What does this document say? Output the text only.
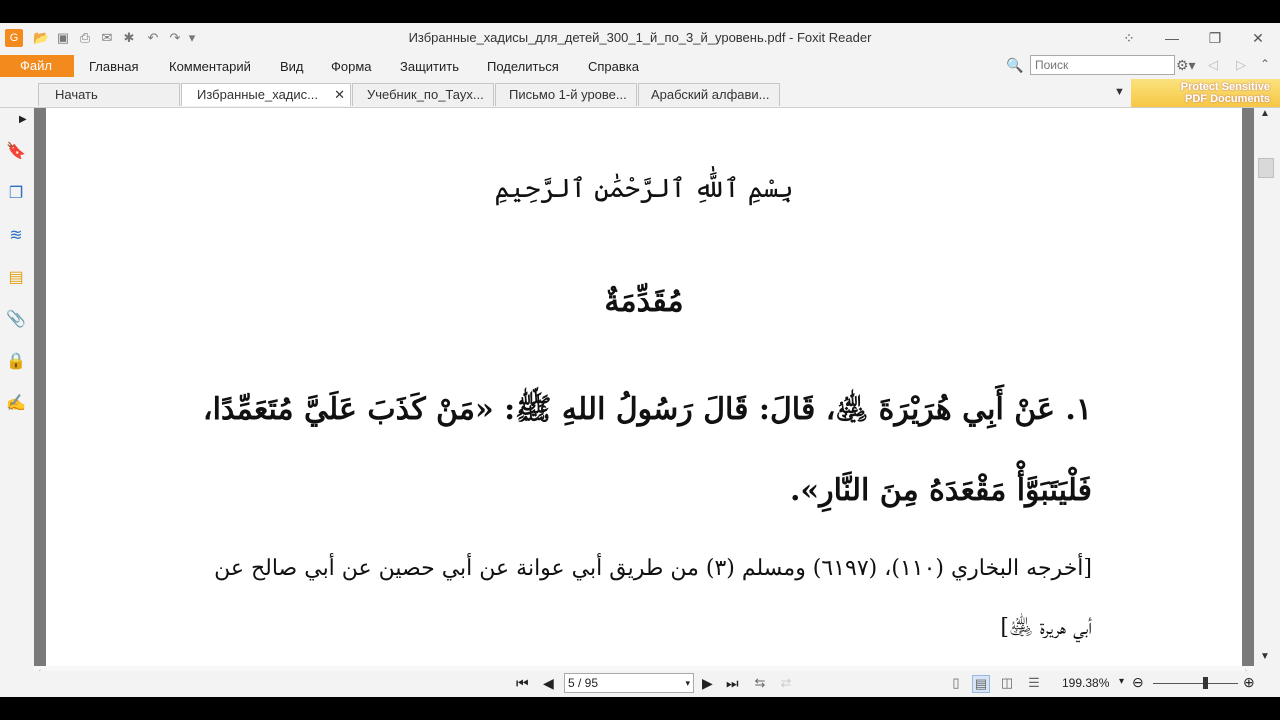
G	📂 ▣ ⎙ ✉ ✱ ↶ ↷ ▾	Избранные_хадисы_для_детей_300_1_й_по_3_й_уровень.pdf - Foxit Reader	⁘	—	❐	✕
Файл	Главная Комментарий Вид Форма Защитить Поделиться Справка	🔍
Поиск	⚙▾ ◁ ▷ ⌃
Начать	Избранные_хадис... ✕	Учебник_по_Таух...	Письмо 1-й урове...	Арабский алфави...	▼	Protect Sensitive
PDF Documents
▶
🔖
❐
≋
▤
📎
🔒
✍
بِسْمِ ٱللَّٰهِ ٱلرَّحْمَٰنِ ٱلرَّحِيمِ
مُقَدِّمَةٌ
١. عَنْ أَبِي هُرَيْرَةَ ﵁، قَالَ: قَالَ رَسُولُ اللهِ ﷺ: «مَنْ كَذَبَ عَلَيَّ مُتَعَمِّدًا،
فَلْيَتَبَوَّأْ مَقْعَدَهُ مِنَ النَّارِ».
[أخرجه البخاري (١١٠)، (٦١٩٧) ومسلم (٣) من طريق أبي عوانة عن أبي حصين عن أبي صالح عن
أبي هريرة ﵁]
▲
▼
⏮ ◀	5 / 95	▾ ▶ ⏭ ⇆ ⇄	▯	▤ ◫ ☰ 199.38% ▾ ⊖	⊕
